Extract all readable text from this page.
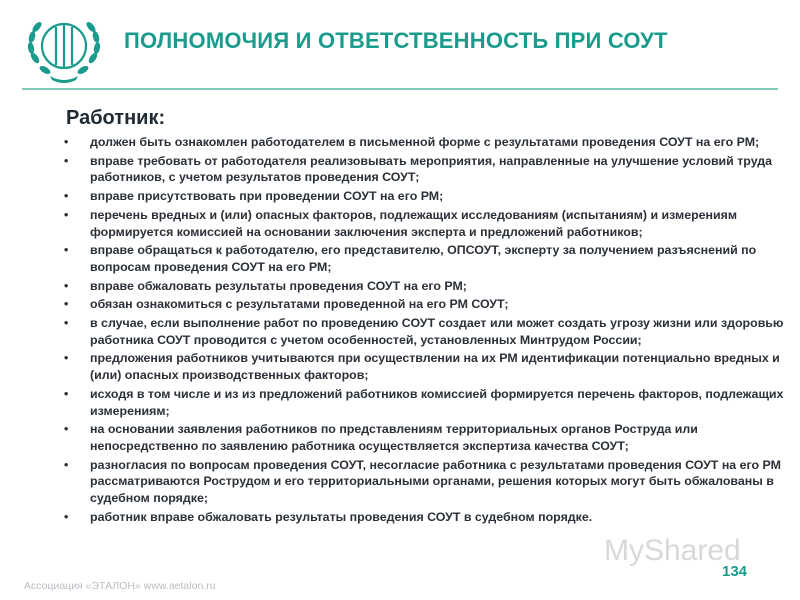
ПОЛНОМОЧИЯ И ОТВЕТСТВЕННОСТЬ ПРИ СОУТ
Работник:
• должен быть ознакомлен работодателем в письменной форме с результатами проведения СОУТ на его РМ;
• вправе требовать от работодателя реализовывать мероприятия, направленные на улучшение условий труда работников, с учетом результатов проведения СОУТ;
• вправе присутствовать при проведении СОУТ на его РМ;
• перечень вредных и (или) опасных факторов, подлежащих исследованиям (испытаниям) и измерениям формируется комиссией на основании заключения эксперта и предложений работников;
• вправе обращаться к работодателю, его представителю, ОПСОУТ, эксперту за получением разъяснений по вопросам проведения СОУТ на его РМ;
• вправе обжаловать результаты проведения СОУТ на его РМ;
• обязан ознакомиться с результатами проведенной на его РМ СОУТ;
• в случае, если выполнение работ по проведению СОУТ создает или может создать угрозу жизни или здоровью работника СОУТ проводится с учетом особенностей, установленных Минтрудом России;
• предложения работников учитываются при осуществлении на их РМ идентификации потенциально вредных и (или) опасных производственных факторов;
• исходя в том числе и из из предложений работников комиссией формируется перечень факторов, подлежащих измерениям;
• на основании заявления работников по представлениям территориальных органов Роструда или непосредственно по заявлению работника осуществляется экспертиза качества СОУТ;
• разногласия по вопросам проведения СОУТ, несогласие работника с результатами проведения СОУТ на его РМ рассматриваются Рострудом и его территориальными органами, решения которых могут быть обжалованы в судебном порядке;
• работник вправе обжаловать результаты проведения СОУТ в судебном порядке.
MyShared
134
Ассоциация «ЭТАЛОН» www.aetalon.ru
